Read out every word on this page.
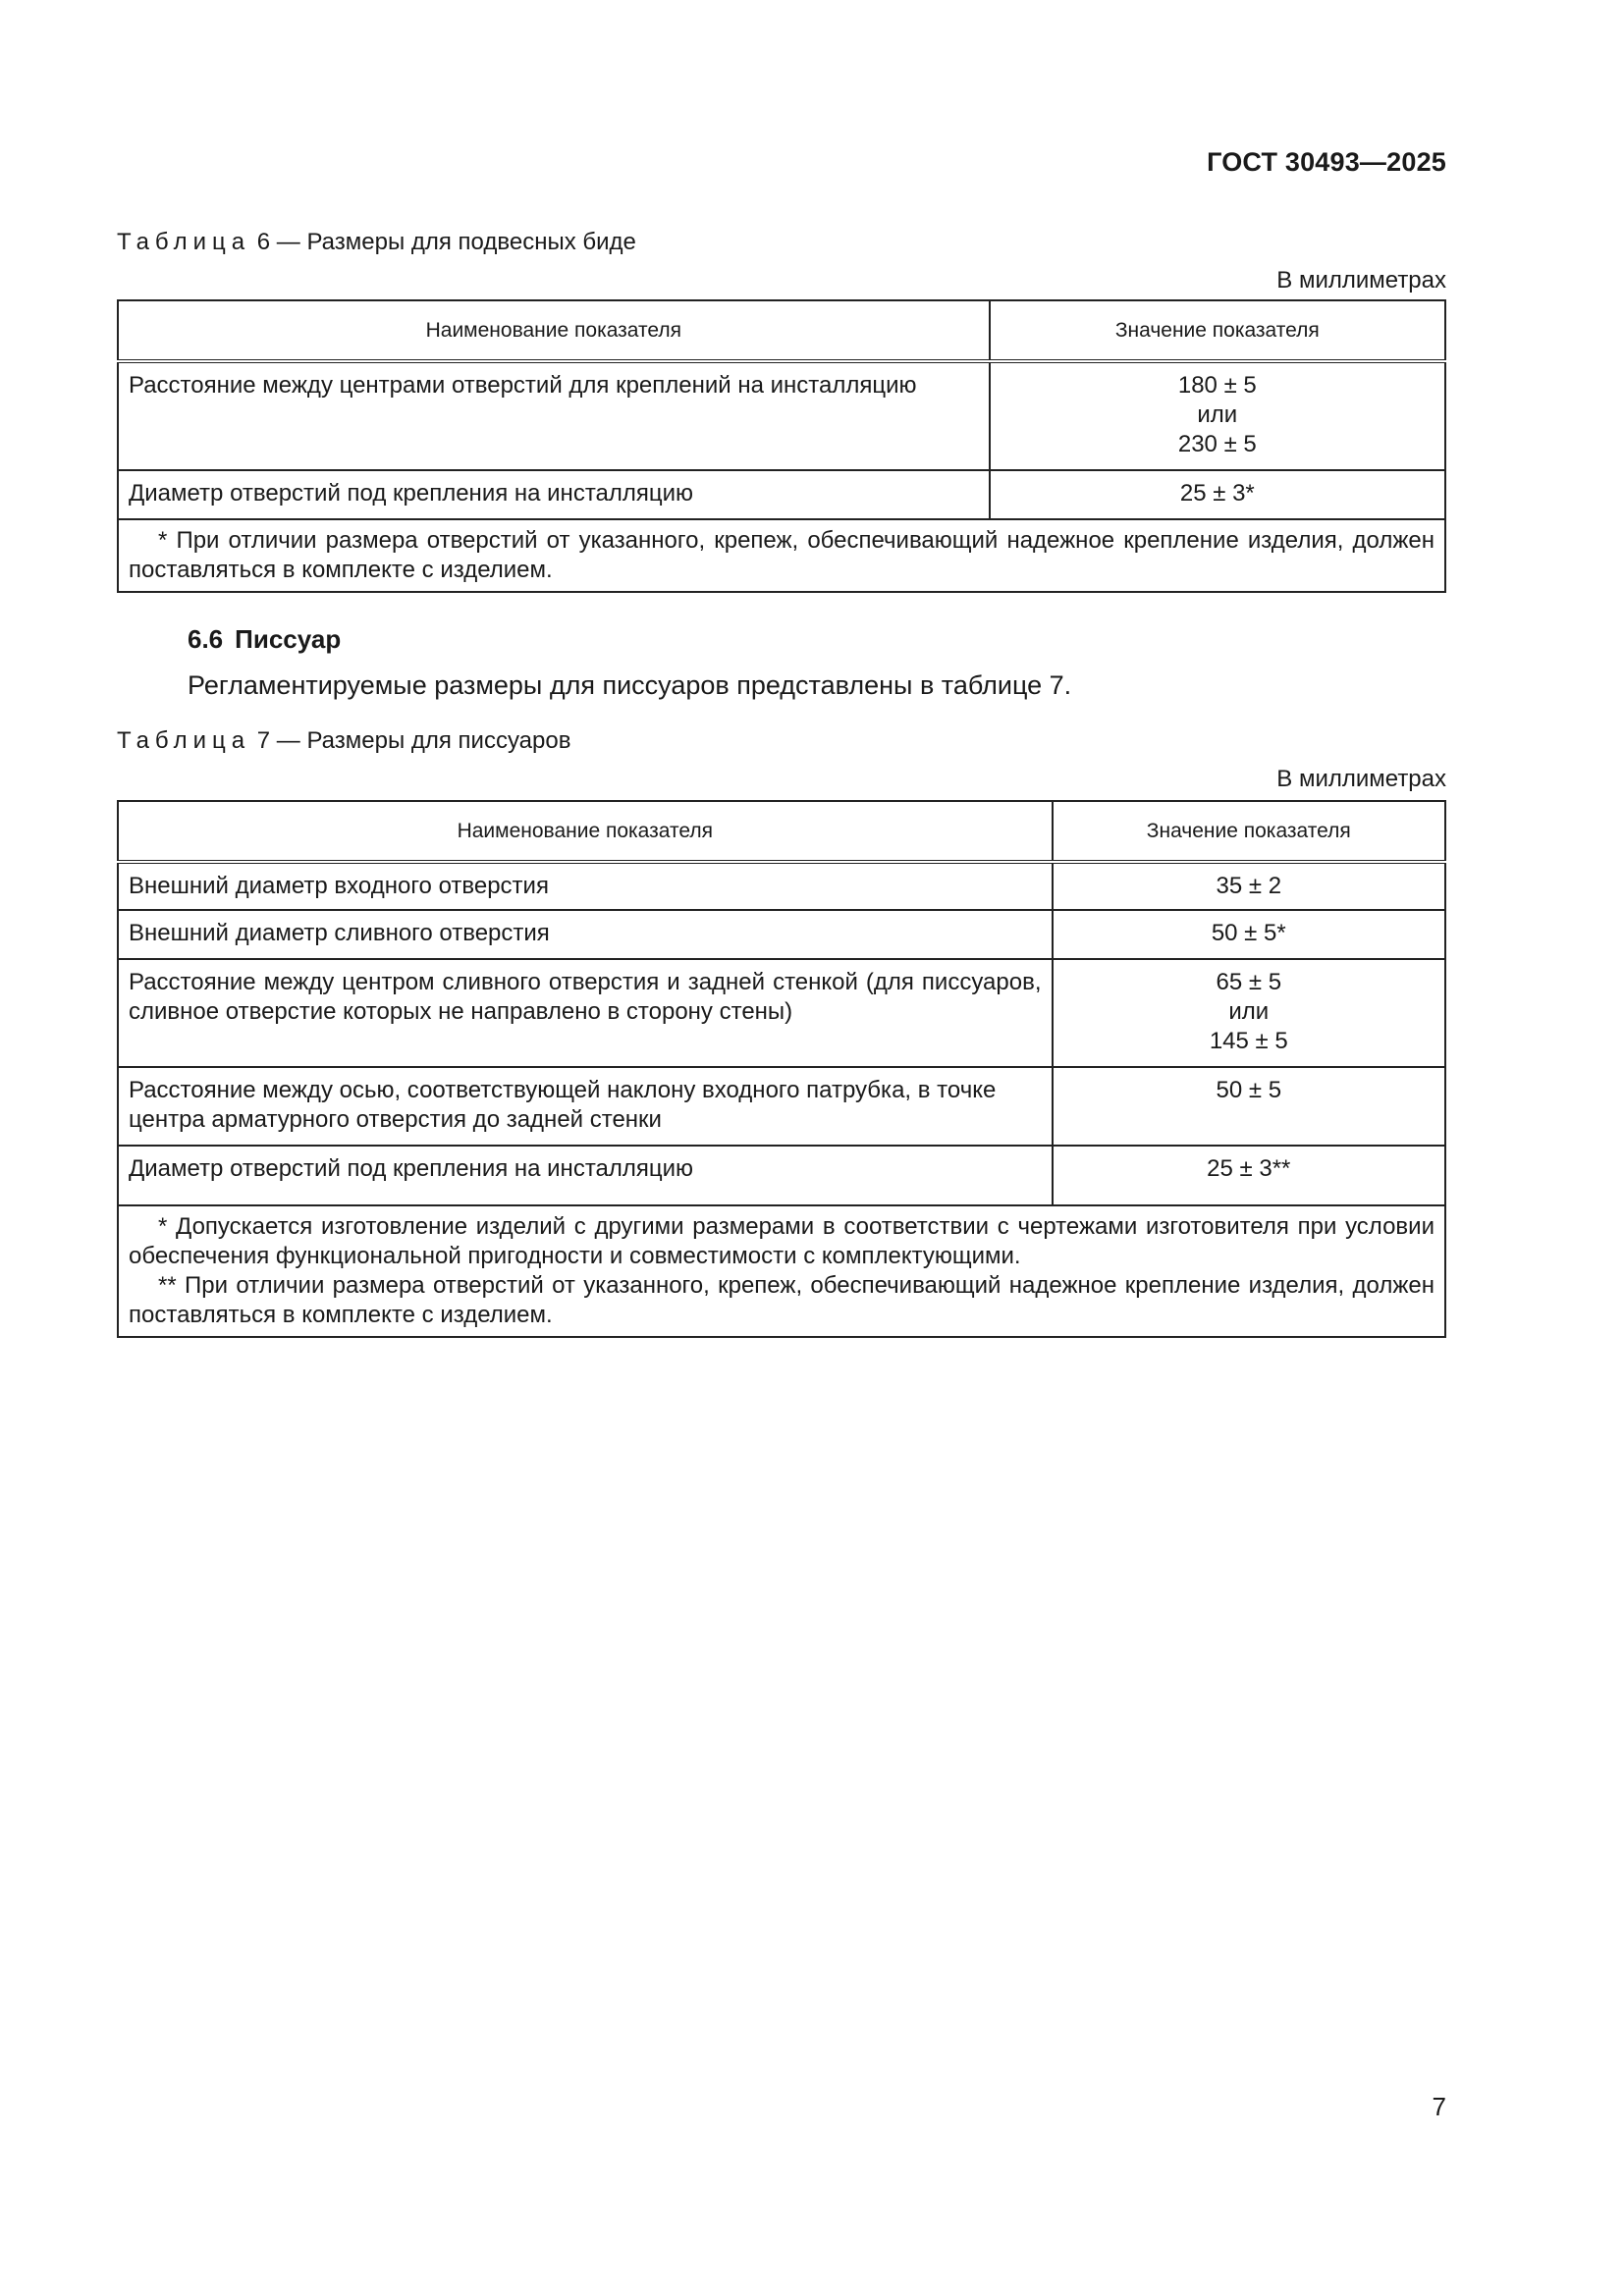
ГОСТ 30493—2025
Таблица 6 — Размеры для подвесных биде
В миллиметрах
Наименование показателя	Значение показателя
Расстояние между центрами отверстий для креплений на инсталляцию	180 ± 5
или
230 ± 5

Диаметр отверстий под крепления на инсталляцию	25 ± 3*

* При отличии размера отверстий от указанного, крепеж, обеспечивающий надежное крепление изделия, должен поставляться в комплекте с изделием.	
6.6 Писсуар
Регламентируемые размеры для писсуаров представлены в таблице 7.
Таблица 7 — Размеры для писсуаров
В миллиметрах
Наименование показателя	Значение показателя
Внешний диаметр входного отверстия	35 ± 2

Внешний диаметр сливного отверстия	50 ± 5*

Расстояние между центром сливного отверстия и задней стенкой (для писсуаров, сливное отверстие которых не направлено в сторону стены)	65 ± 5
или
145 ± 5

Расстояние между осью, соответствующей наклону входного патрубка, в точке центра арматурного отверстия до задней стенки	50 ± 5

Диаметр отверстий под крепления на инсталляцию	25 ± 3**

* Допускается изготовление изделий с другими размерами в соответствии с чертежами изготовителя при условии обеспечения функциональной пригодности и совместимости с комплектующими.
** При отличии размера отверстий от указанного, крепеж, обеспечивающий надежное крепление изделия, должен поставляться в комплекте с изделием.	
7
